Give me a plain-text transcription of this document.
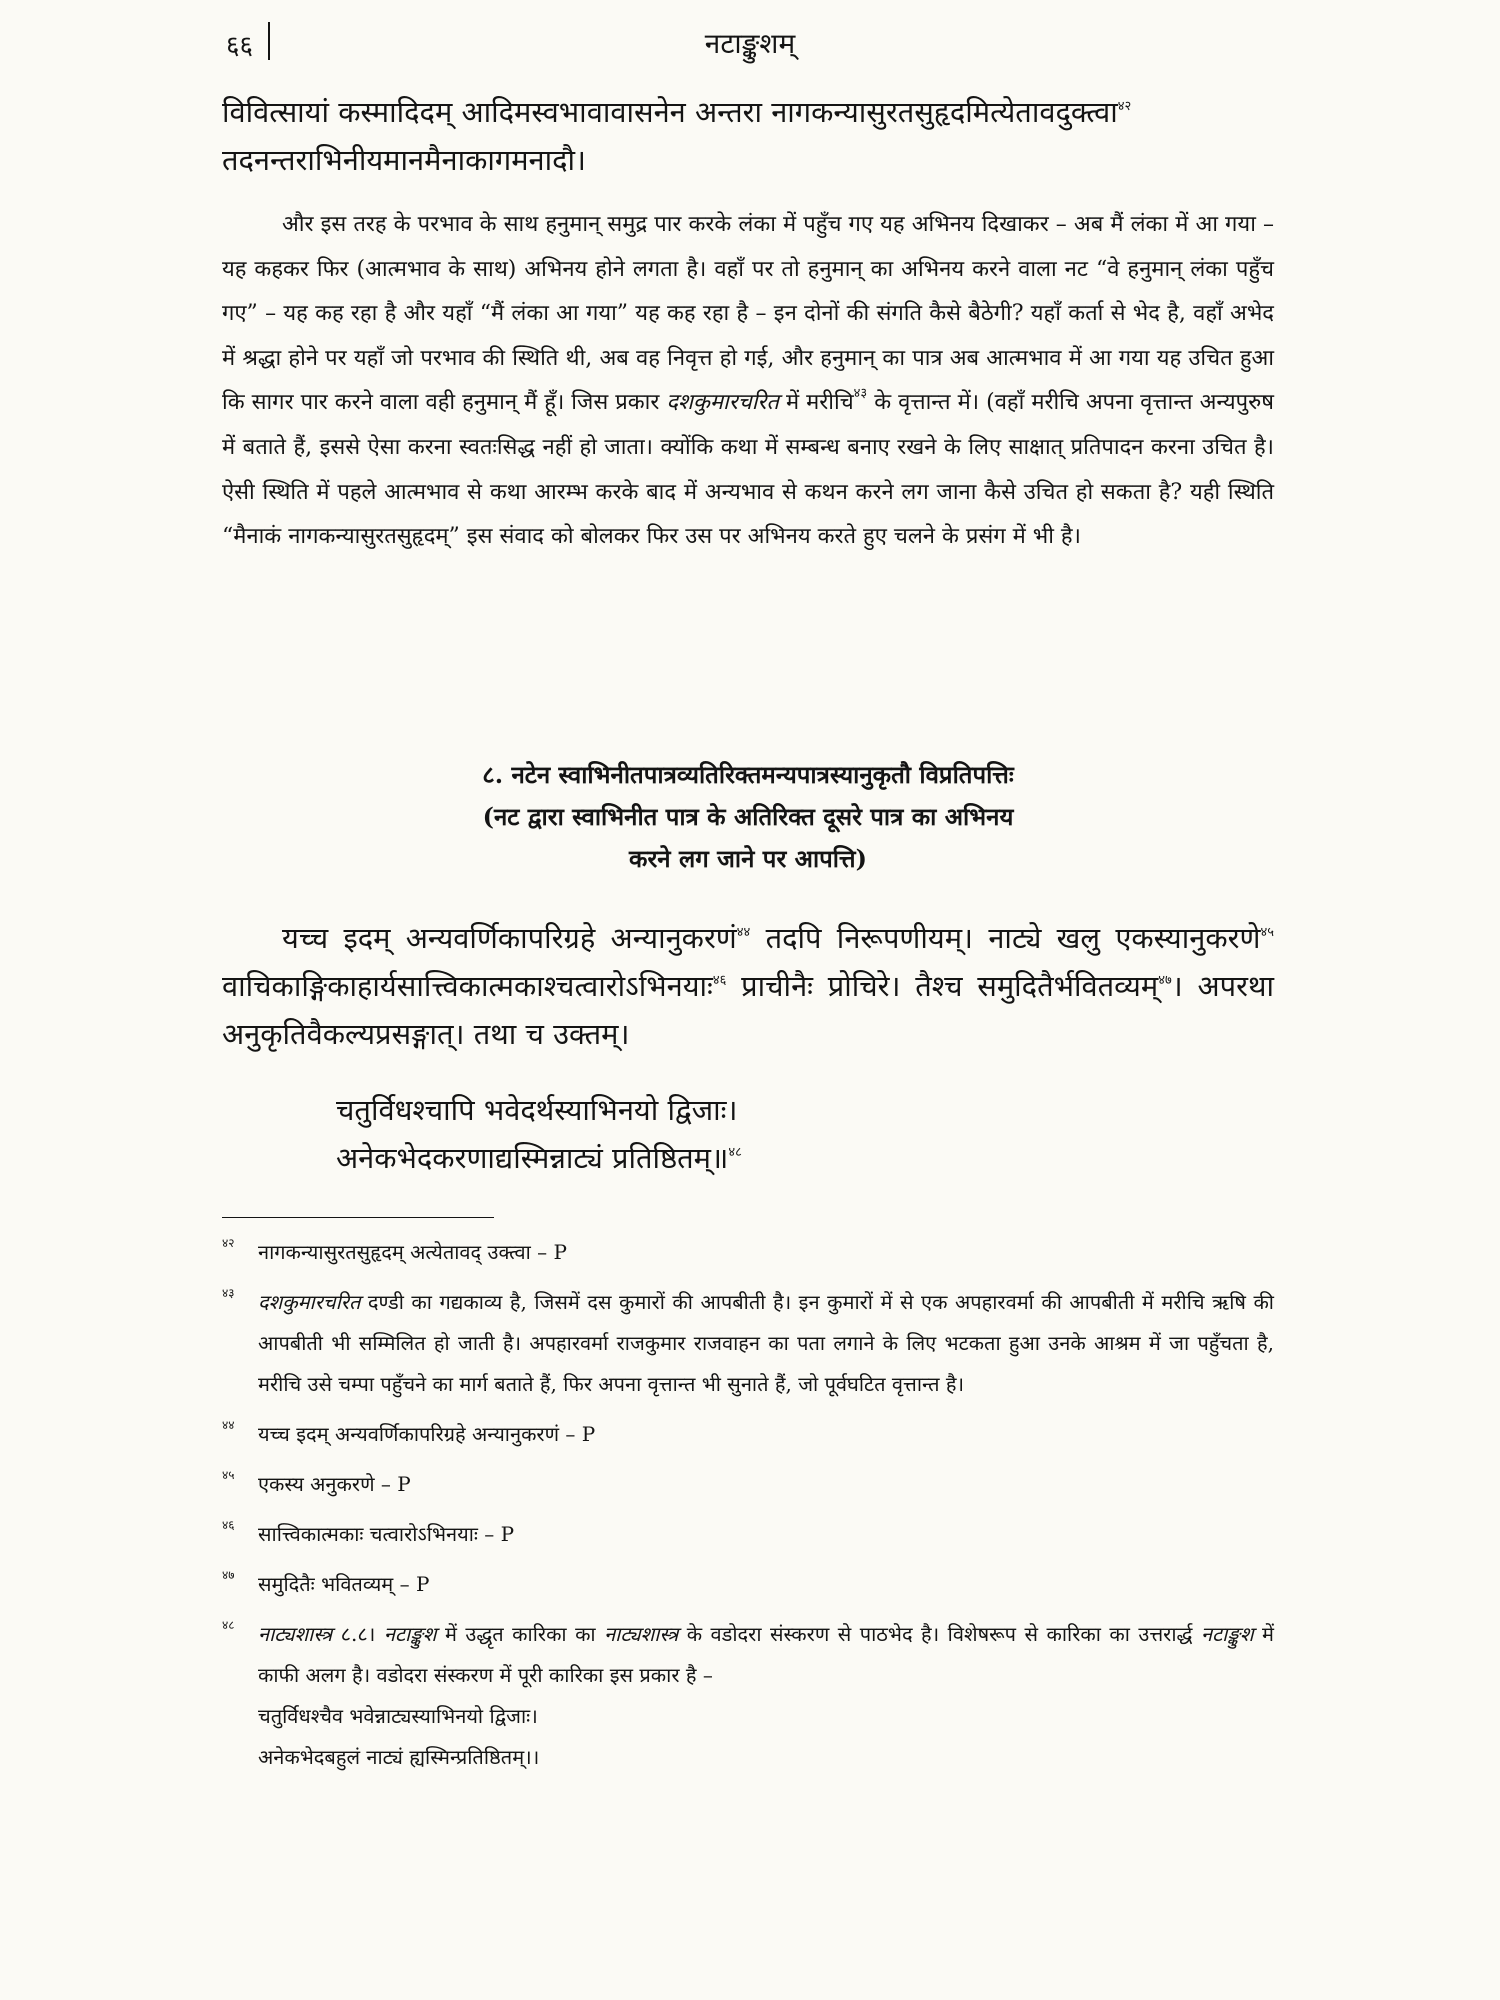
६६	नटाङ्कुशम्

विवित्सायां कस्मादिदम् आदिमस्वभावावासनेन अन्तरा नागकन्यासुरतसुहृदमित्येतावदुक्त्वा$^{४२}$

तदनन्तराभिनीयमानमैनाकागमनादौ।

और इस तरह के परभाव के साथ हनुमान् समुद्र पार करके लंका में पहुँच गए यह अभिनय दिखाकर – अब मैं लंका में आ गया – यह कहकर फिर (आत्मभाव के साथ) अभिनय होने लगता है। वहाँ पर तो हनुमान् का अभिनय करने वाला नट “वे हनुमान् लंका पहुँच गए” – यह कह रहा है और यहाँ “मैं लंका आ गया” यह कह रहा है – इन दोनों की संगति कैसे बैठेगी? यहाँ कर्ता से भेद है, वहाँ अभेद में श्रद्धा होने पर यहाँ जो परभाव की स्थिति थी, अब वह निवृत्त हो गई, और हनुमान् का पात्र अब आत्मभाव में आ गया यह उचित हुआ कि सागर पार करने वाला वही हनुमान् मैं हूँ। जिस प्रकार दशकुमारचरित में मरीचि$^{४३}$ के वृत्तान्त में। (वहाँ मरीचि अपना वृत्तान्त अन्यपुरुष में बताते हैं, इससे ऐसा करना स्वतःसिद्ध नहीं हो जाता। क्योंकि कथा में सम्बन्ध बनाए रखने के लिए साक्षात् प्रतिपादन करना उचित है। ऐसी स्थिति में पहले आत्मभाव से कथा आरम्भ करके बाद में अन्यभाव से कथन करने लग जाना कैसे उचित हो सकता है? यही स्थिति “मैनाकं नागकन्यासुरतसुहृदम्” इस संवाद को बोलकर फिर उस पर अभिनय करते हुए चलने के प्रसंग में भी है।

८. नटेन स्वाभिनीतपात्रव्यतिरिक्तमन्यपात्रस्यानुकृतौ विप्रतिपत्तिः
(नट द्वारा स्वाभिनीत पात्र के अतिरिक्त दूसरे पात्र का अभिनय
करने लग जाने पर आपत्ति)

यच्च इदम् अन्यवर्णिकापरिग्रहे अन्यानुकरणं$^{४४}$ तदपि निरूपणीयम्। नाट्ये खलु एकस्यानुकरणे$^{४५}$ वाचिकाङ्गिकाहार्यसात्त्विकात्मकाश्चत्वारोऽभिनयाः$^{४६}$ प्राचीनैः प्रोचिरे। तैश्च समुदितैर्भवितव्यम्$^{४७}$। अपरथा अनुकृतिवैकल्यप्रसङ्गात्। तथा च उक्तम्।

चतुर्विधश्चापि भवेदर्थस्याभिनयो द्विजाः।

अनेकभेदकरणाद्यस्मिन्नाट्यं प्रतिष्ठितम्॥$^{४८}$

४२	नागकन्यासुरतसुहृदम् अत्येतावद् उक्त्वा – P
४३	दशकुमारचरित दण्डी का गद्यकाव्य है, जिसमें दस कुमारों की आपबीती है। इन कुमारों में से एक अपहारवर्मा की आपबीती में मरीचि ऋषि की आपबीती भी सम्मिलित हो जाती है। अपहारवर्मा राजकुमार राजवाहन का पता लगाने के लिए भटकता हुआ उनके आश्रम में जा पहुँचता है, मरीचि उसे चम्पा पहुँचने का मार्ग बताते हैं, फिर अपना वृत्तान्त भी सुनाते हैं, जो पूर्वघटित वृत्तान्त है।
४४	यच्च इदम् अन्यवर्णिकापरिग्रहे अन्यानुकरणं – P
४५	एकस्य अनुकरणे – P
४६	सात्त्विकात्मकाः चत्वारोऽभिनयाः – P
४७	समुदितैः भवितव्यम् – P
४८	नाट्यशास्त्र ८.८। नटाङ्कुश में उद्धृत कारिका का नाट्यशास्त्र के वडोदरा संस्करण से पाठभेद है। विशेषरूप से कारिका का उत्तरार्द्ध नटाङ्कुश में काफी अलग है। वडोदरा संस्करण में पूरी कारिका इस प्रकार है –
चतुर्विधश्चैव भवेन्नाट्यस्याभिनयो द्विजाः।
अनेकभेदबहुलं नाट्यं ह्यस्मिन्प्रतिष्ठितम्।।
